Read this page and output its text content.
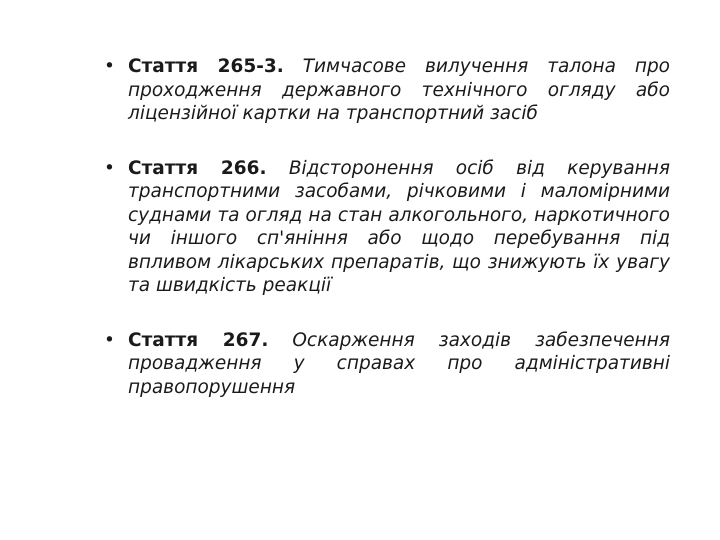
• Стаття 265-3. Тимчасове вилучення талона про проходження державного технічного огляду або ліцензійної картки на транспортний засіб
• Стаття 266. Відсторонення осіб від керування транспортними засобами, річковими і маломірними суднами та огляд на стан алкогольного, наркотичного чи іншого сп'яніння або щодо перебування під впливом лікарських препаратів, що знижують їх увагу та швидкість реакції
• Стаття 267. Оскарження заходів забезпечення провадження у справах про адміністративні правопорушення
